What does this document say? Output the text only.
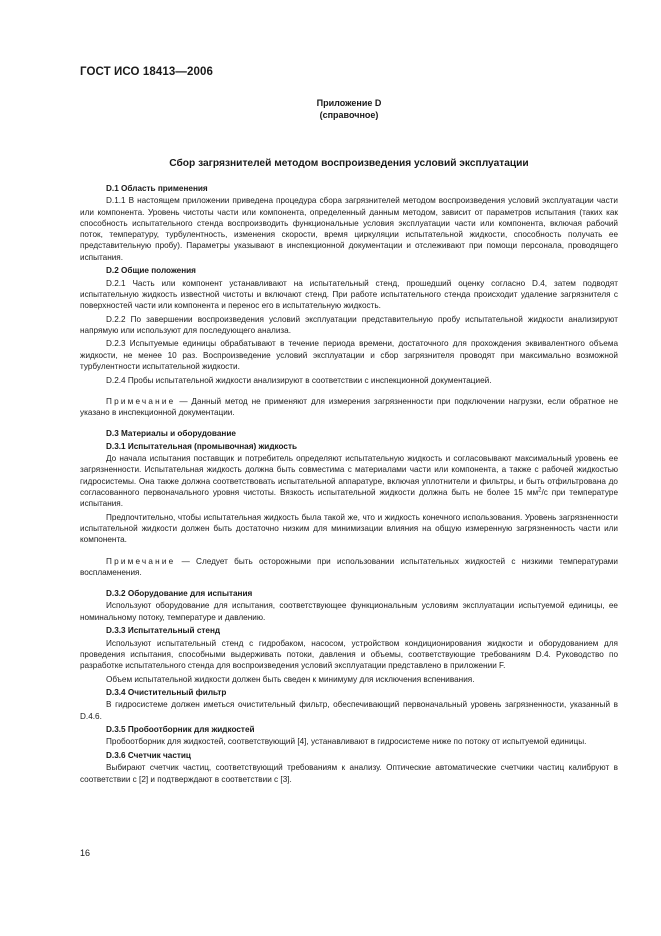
ГОСТ ИСО 18413—2006
Приложение D
(справочное)
Сбор загрязнителей методом воспроизведения условий эксплуатации
D.1 Область применения

D.1.1 В настоящем приложении приведена процедура сбора загрязнителей методом воспроизведения условий эксплуатации части или компонента. Уровень чистоты части или компонента, определенный данным методом, зависит от параметров испытания (таких как способность испытательного стенда воспроизводить функциональные условия эксплуатации части или компонента, включая рабочий поток, температуру, турбулентность, изменения скорости, время циркуляции испытательной жидкости, способность получать ее представительную пробу). Параметры указывают в инспекционной документации и отслеживают при помощи персонала, проводящего испытания.

D.2 Общие положения

D.2.1 Часть или компонент устанавливают на испытательный стенд, прошедший оценку согласно D.4, затем подводят испытательную жидкость известной чистоты и включают стенд. При работе испытательного стенда происходит удаление загрязнителя с поверхностей части или компонента и перенос его в испытательную жидкость.

D.2.2 По завершении воспроизведения условий эксплуатации представительную пробу испытательной жидкости анализируют напрямую или используют для последующего анализа.

D.2.3 Испытуемые единицы обрабатывают в течение периода времени, достаточного для прохождения эквивалентного объема жидкости, не менее 10 раз. Воспроизведение условий эксплуатации и сбор загрязнителя проводят при максимально возможной турбулентности испытательной жидкости.

D.2.4 Пробы испытательной жидкости анализируют в соответствии с инспекционной документацией.

Примечание — Данный метод не применяют для измерения загрязненности при подключении нагрузки, если обратное не указано в инспекционной документации.

D.3 Материалы и оборудование
D.3.1 Испытательная (промывочная) жидкость

До начала испытания поставщик и потребитель определяют испытательную жидкость и согласовывают максимальный уровень ее загрязненности. Испытательная жидкость должна быть совместима с материалами части или компонента, а также с рабочей жидкостью гидросистемы. Она также должна соответствовать испытательной аппаратуре, включая уплотнители и фильтры, и быть отфильтрована до согласованного первоначального уровня чистоты. Вязкость испытательной жидкости должна быть не более 15 $мм^2/с$ при температуре испытания.

Предпочтительно, чтобы испытательная жидкость была такой же, что и жидкость конечного использования. Уровень загрязненности испытательной жидкости должен быть достаточно низким для минимизации влияния на общую измеренную загрязненность части или компонента.

Примечание — Следует быть осторожными при использовании испытательных жидкостей с низкими температурами воспламенения.

D.3.2 Оборудование для испытания

Используют оборудование для испытания, соответствующее функциональным условиям эксплуатации испытуемой единицы, ее номинальному потоку, температуре и давлению.

D.3.3 Испытательный стенд

Используют испытательный стенд с гидробаком, насосом, устройством кондиционирования жидкости и оборудованием для проведения испытания, способными выдерживать потоки, давления и объемы, соответствующие требованиям D.4. Руководство по разработке испытательного стенда для воспроизведения условий эксплуатации представлено в приложении F.

Объем испытательной жидкости должен быть сведен к минимуму для исключения вспенивания.

D.3.4 Очистительный фильтр

В гидросистеме должен иметься очистительный фильтр, обеспечивающий первоначальный уровень загрязненности, указанный в D.4.6.

D.3.5 Пробоотборник для жидкостей

Пробоотборник для жидкостей, соответствующий [4], устанавливают в гидросистеме ниже по потоку от испытуемой единицы.

D.3.6 Счетчик частиц

Выбирают счетчик частиц, соответствующий требованиям к анализу. Оптические автоматические счетчики частиц калибруют в соответствии с [2] и подтверждают в соответствии с [3].

16
